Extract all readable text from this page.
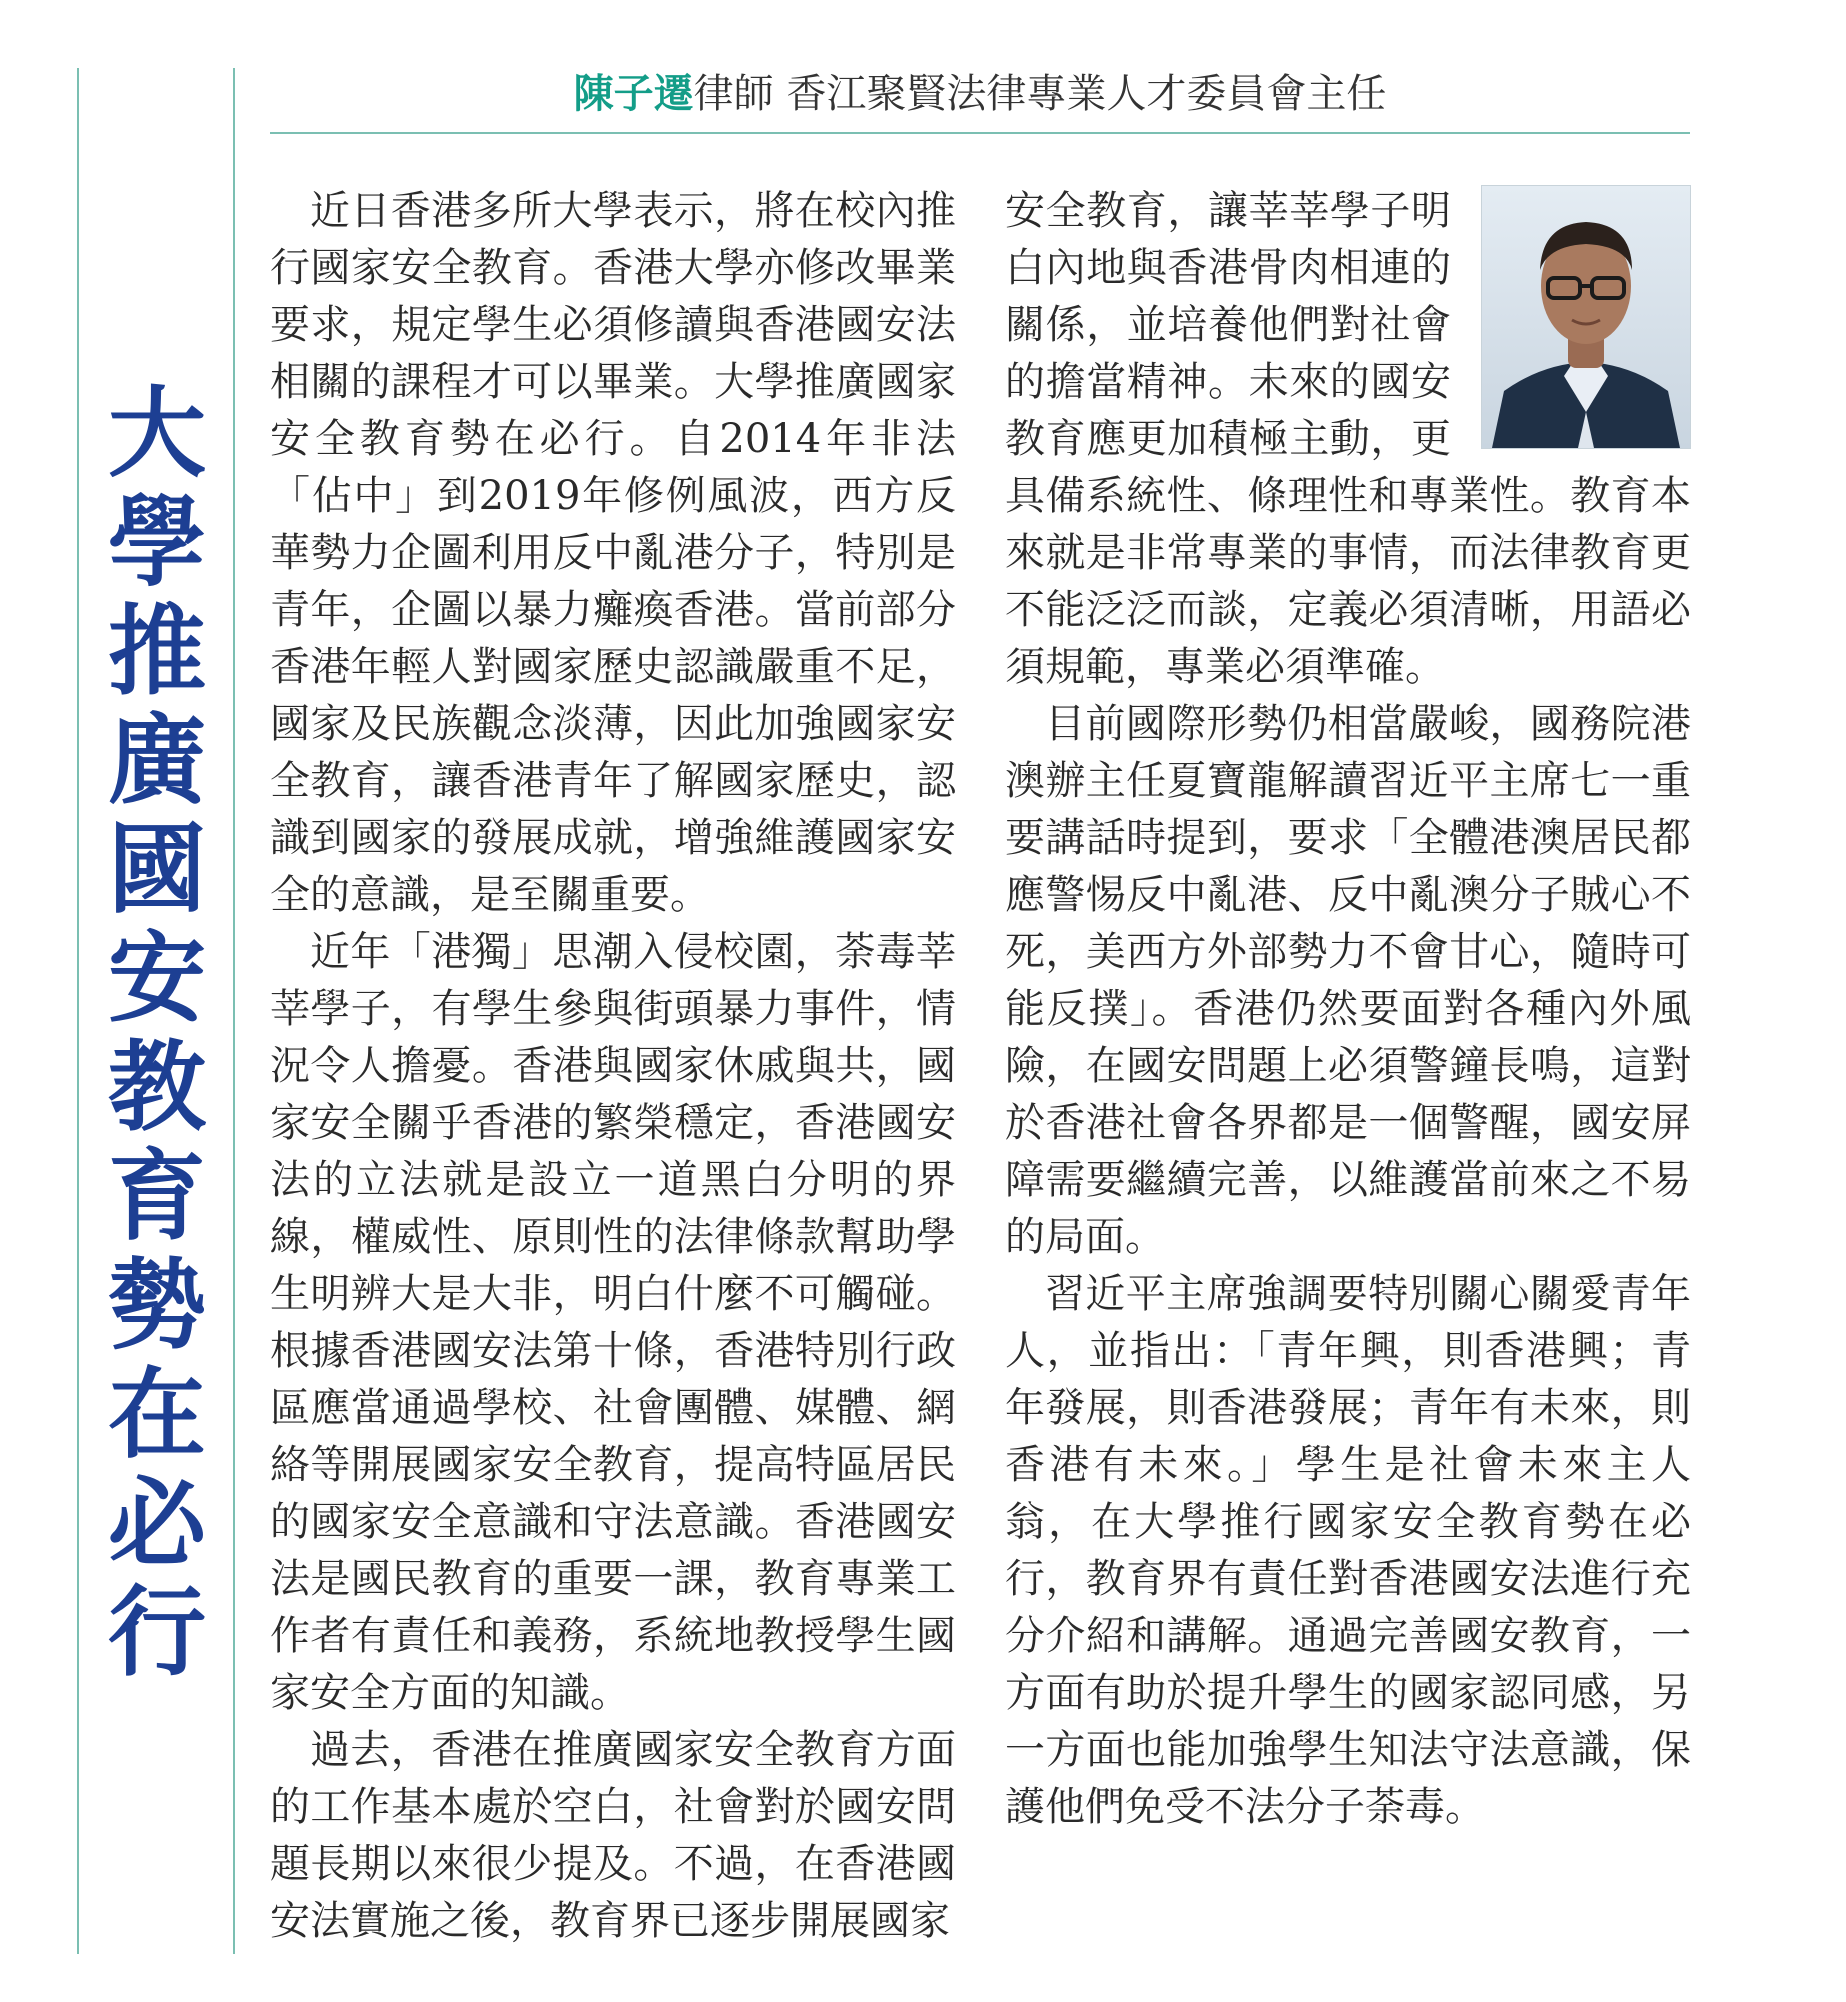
大學推廣國安教育勢在必行
陳子遷律師 香江聚賢法律專業人才委員會主任

近日香港多所大學表示，將在校內推行國家安全教育。香港大學亦修改畢業要求，規定學生必須修讀與香港國安法相關的課程才可以畢業。大學推廣國家安全教育勢在必行。自2014年非法「佔中」到2019年修例風波，西方反華勢力企圖利用反中亂港分子，特別是青年，企圖以暴力癱瘓香港。當前部分香港年輕人對國家歷史認識嚴重不足，國家及民族觀念淡薄，因此加強國家安全教育，讓香港青年了解國家歷史，認識到國家的發展成就，增強維護國家安全的意識，是至關重要。

近年「港獨」思潮入侵校園，荼毒莘莘學子，有學生參與街頭暴力事件，情況令人擔憂。香港與國家休戚與共，國家安全關乎香港的繁榮穩定，香港國安法的立法就是設立一道黑白分明的界線，權威性、原則性的法律條款幫助學生明辨大是大非，明白什麼不可觸碰。根據香港國安法第十條，香港特別行政區應當通過學校、社會團體、媒體、網絡等開展國家安全教育，提高特區居民的國家安全意識和守法意識。香港國安法是國民教育的重要一課，教育專業工作者有責任和義務，系統地教授學生國家安全方面的知識。

過去，香港在推廣國家安全教育方面的工作基本處於空白，社會對於國安問題長期以來很少提及。不過，在香港國安法實施之後，教育界已逐步開展國家

安全教育，讓莘莘學子明白內地與香港骨肉相連的關係，並培養他們對社會的擔當精神。未來的國安教育應更加積極主動，更具備系統性、條理性和專業性。教育本來就是非常專業的事情，而法律教育更不能泛泛而談，定義必須清晰，用語必須規範，專業必須準確。

目前國際形勢仍相當嚴峻，國務院港澳辦主任夏寶龍解讀習近平主席七一重要講話時提到，要求「全體港澳居民都應警惕反中亂港、反中亂澳分子賊心不死，美西方外部勢力不會甘心，隨時可能反撲」。香港仍然要面對各種內外風險，在國安問題上必須警鐘長鳴，這對於香港社會各界都是一個警醒，國安屏障需要繼續完善，以維護當前來之不易的局面。

習近平主席強調要特別關心關愛青年人，並指出：「青年興，則香港興；青年發展，則香港發展；青年有未來，則香港有未來。」學生是社會未來主人翁，在大學推行國家安全教育勢在必行，教育界有責任對香港國安法進行充分介紹和講解。通過完善國安教育，一方面有助於提升學生的國家認同感，另一方面也能加強學生知法守法意識，保護他們免受不法分子荼毒。
